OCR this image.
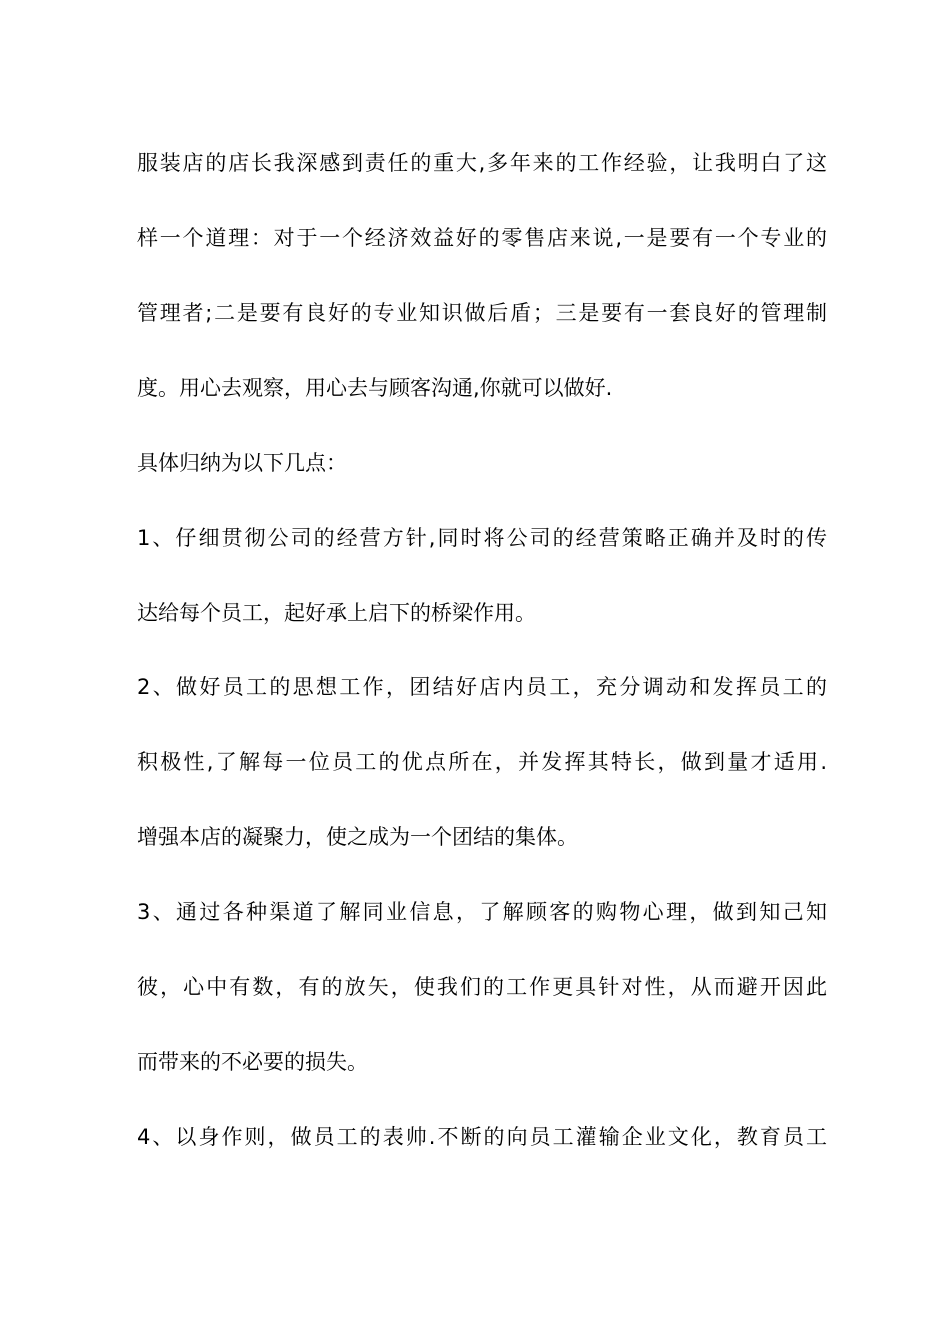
服装店的店长我深感到责任的重大,多年来的工作经验，让我明白了这
样一个道理：对于一个经济效益好的零售店来说,一是要有一个专业的
管理者;二是要有良好的专业知识做后盾；三是要有一套良好的管理制
度。用心去观察，用心去与顾客沟通,你就可以做好.
具体归纳为以下几点：
1、仔细贯彻公司的经营方针,同时将公司的经营策略正确并及时的传
达给每个员工，起好承上启下的桥梁作用。
2、做好员工的思想工作，团结好店内员工，充分调动和发挥员工的
积极性,了解每一位员工的优点所在，并发挥其特长，做到量才适用.
增强本店的凝聚力，使之成为一个团结的集体。
3、通过各种渠道了解同业信息，了解顾客的购物心理，做到知己知
彼，心中有数，有的放矢，使我们的工作更具针对性，从而避开因此
而带来的不必要的损失。
4、以身作则，做员工的表帅.不断的向员工灌输企业文化，教育员工
